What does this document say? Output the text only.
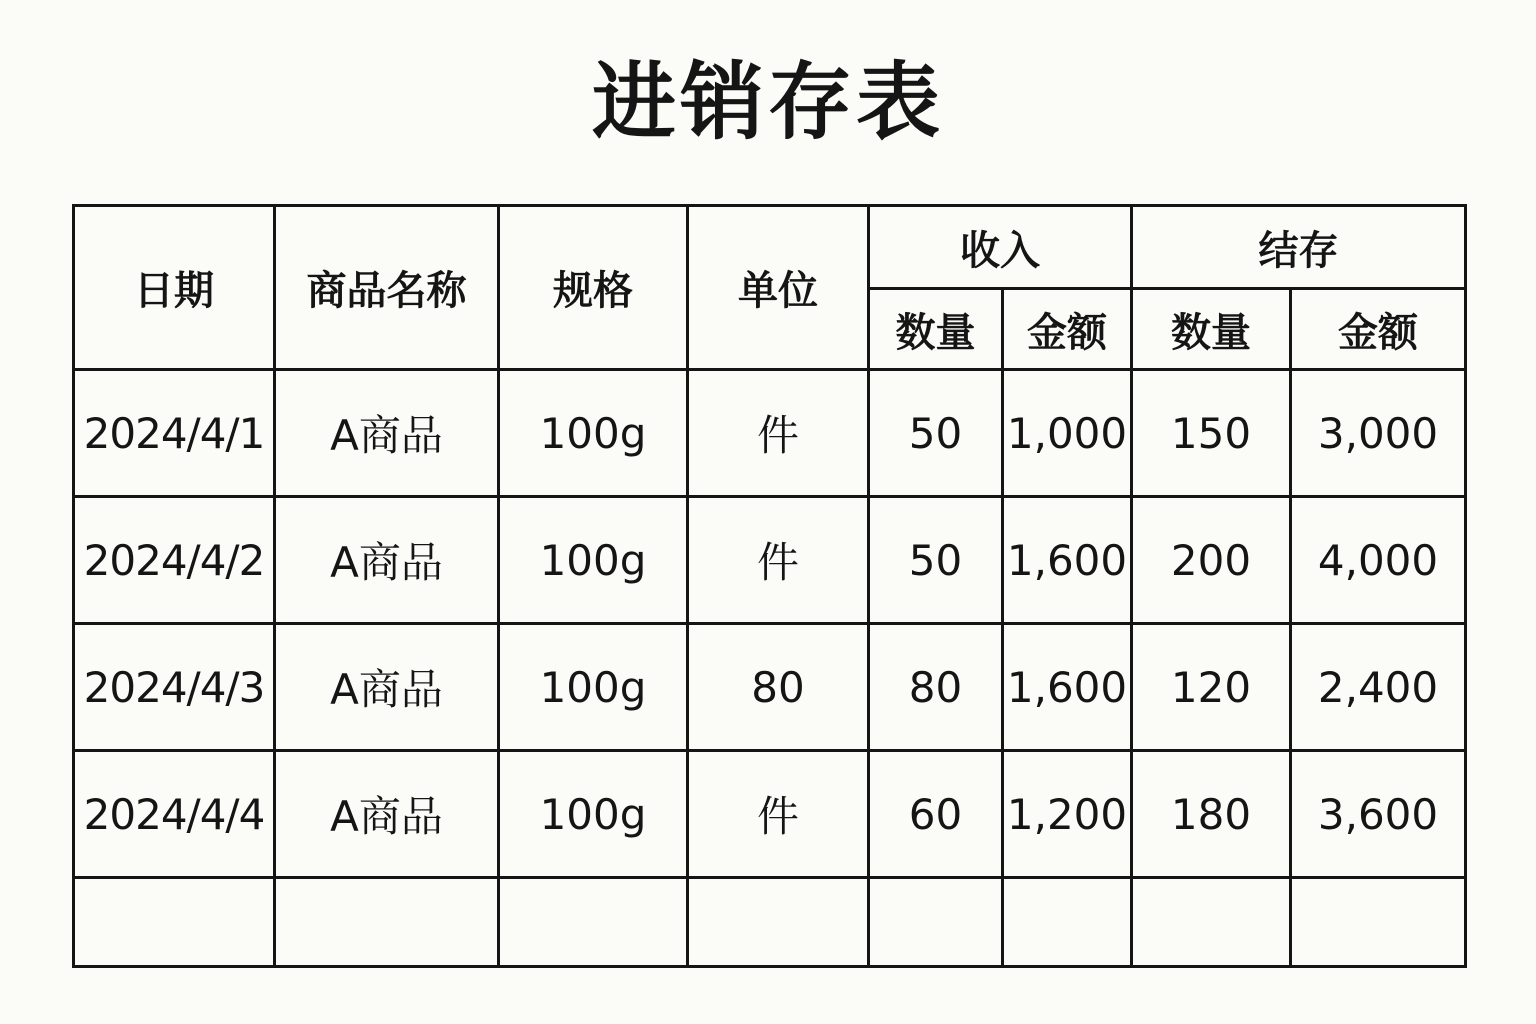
进销存表
日期	商品名称	规格	单位	收入		结存	
				数量	金额	数量	金额
2024/4/1	A商品	100g	件	50	1,000	150	3,000
2024/4/2	A商品	100g	件	50	1,600	200	4,000
2024/4/3	A商品	100g	80	80	1,600	120	2,400
2024/4/4	A商品	100g	件	60	1,200	180	3,600
